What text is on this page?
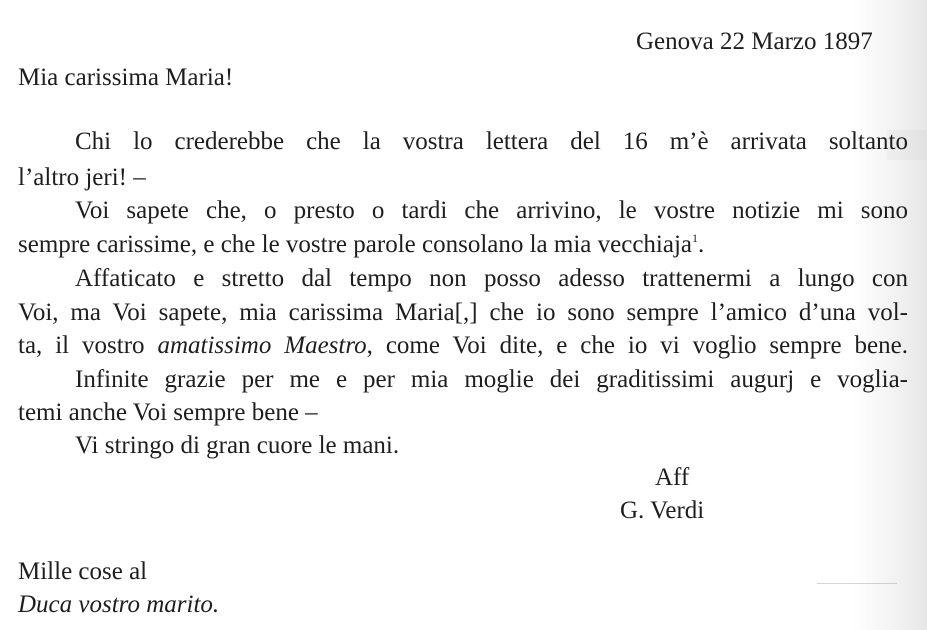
Genova 22 Marzo 1897

Mia carissima Maria!

Chi lo crederebbe che la vostra lettera del 16 m’è arrivata soltanto

l’altro jeri! –

Voi sapete che, o presto o tardi che arrivino, le vostre notizie mi sono

sempre carissime, e che le vostre parole consolano la mia vecchiaja$^1$.

Affaticato e stretto dal tempo non posso adesso trattenermi a lungo con

Voi, ma Voi sapete, mia carissima Maria[,] che io sono sempre l’amico d’una vol-

ta, il vostro amatissimo Maestro, come Voi dite, e che io vi voglio sempre bene.

Infinite grazie per me e per mia moglie dei graditissimi augurj e voglia-

temi anche Voi sempre bene –

Vi stringo di gran cuore le mani.

Aff

G. Verdi

Mille cose al

Duca vostro marito.
